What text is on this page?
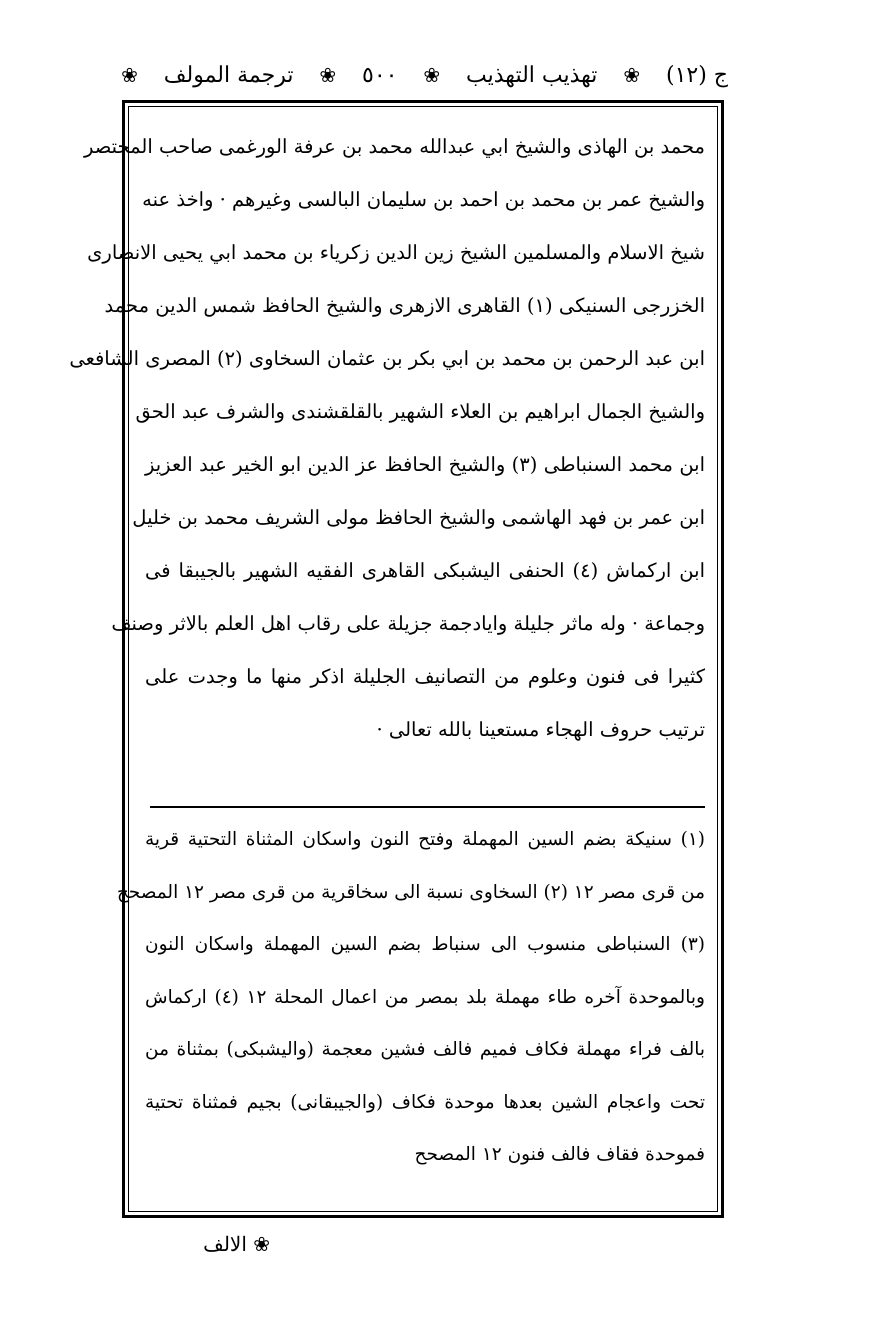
ج (١٢)
❀
تهذيب التهذيب
❀
٥٠٠
❀
ترجمة المولف
❀
محمد بن الهاذى والشيخ ابي عبدالله محمد بن عرفة الورغمى صاحب المختصر
والشيخ عمر بن محمد بن احمد بن سليمان البالسى وغيرهم · واخذ عنه
شيخ الاسلام والمسلمين الشيخ زين الدين زكرياء بن محمد ابي يحيى الانصارى
الخزرجى السنيكى (١) القاهرى الازهرى والشيخ الحافظ شمس الدين محمد
ابن عبد الرحمن بن محمد بن ابي بكر بن عثمان السخاوى (٢) المصرى الشافعى
والشيخ الجمال ابراهيم بن العلاء الشهير بالقلقشندى والشرف عبد الحق
ابن محمد السنباطى (٣) والشيخ الحافظ عز الدين ابو الخير عبد العزيز
ابن عمر بن فهد الهاشمى والشيخ الحافظ مولى الشريف محمد بن خليل
ابن اركماش (٤) الحنفى اليشبكى القاهرى الفقيه الشهير بالجيبقا فى
وجماعة · وله ماثر جليلة وايادجمة جزيلة على رقاب اهل العلم بالاثر وصنف
كثيرا فى فنون وعلوم من التصانيف الجليلة اذكر منها ما وجدت على
ترتيب حروف الهجاء مستعينا بالله تعالى ·
(١) سنيكة بضم السين المهملة وفتح النون واسكان المثناة التحتية قرية
من قرى مصر ١٢ (٢) السخاوى نسبة الى سخاقرية من قرى مصر ١٢ المصحح
(٣) السنباطى منسوب الى سنباط بضم السين المهملة واسكان النون
وبالموحدة آخره طاء مهملة بلد بمصر من اعمال المحلة ١٢ (٤) اركماش
بالف فراء مهملة فكاف فميم فالف فشين معجمة (واليشبكى) بمثناة من
تحت واعجام الشين بعدها موحدة فكاف (والجيبقانى) بجيم فمثناة تحتية
فموحدة فقاف فالف فنون ١٢ المصحح
❀ الالف
